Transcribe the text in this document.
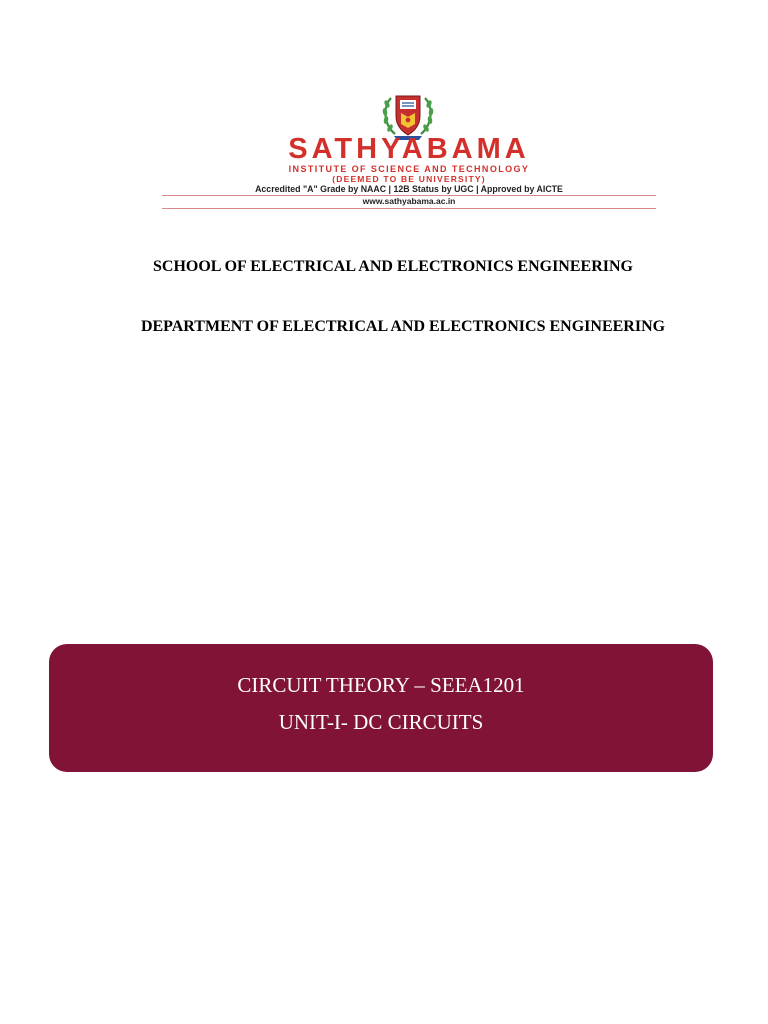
SATHYABAMA
INSTITUTE OF SCIENCE AND TECHNOLOGY
(DEEMED TO BE UNIVERSITY)
Accredited "A" Grade by NAAC | 12B Status by UGC | Approved by AICTE
www.sathyabama.ac.in
SCHOOL OF ELECTRICAL AND ELECTRONICS ENGINEERING
DEPARTMENT OF ELECTRICAL AND ELECTRONICS ENGINEERING
CIRCUIT THEORY – SEEA1201
UNIT-I- DC CIRCUITS
